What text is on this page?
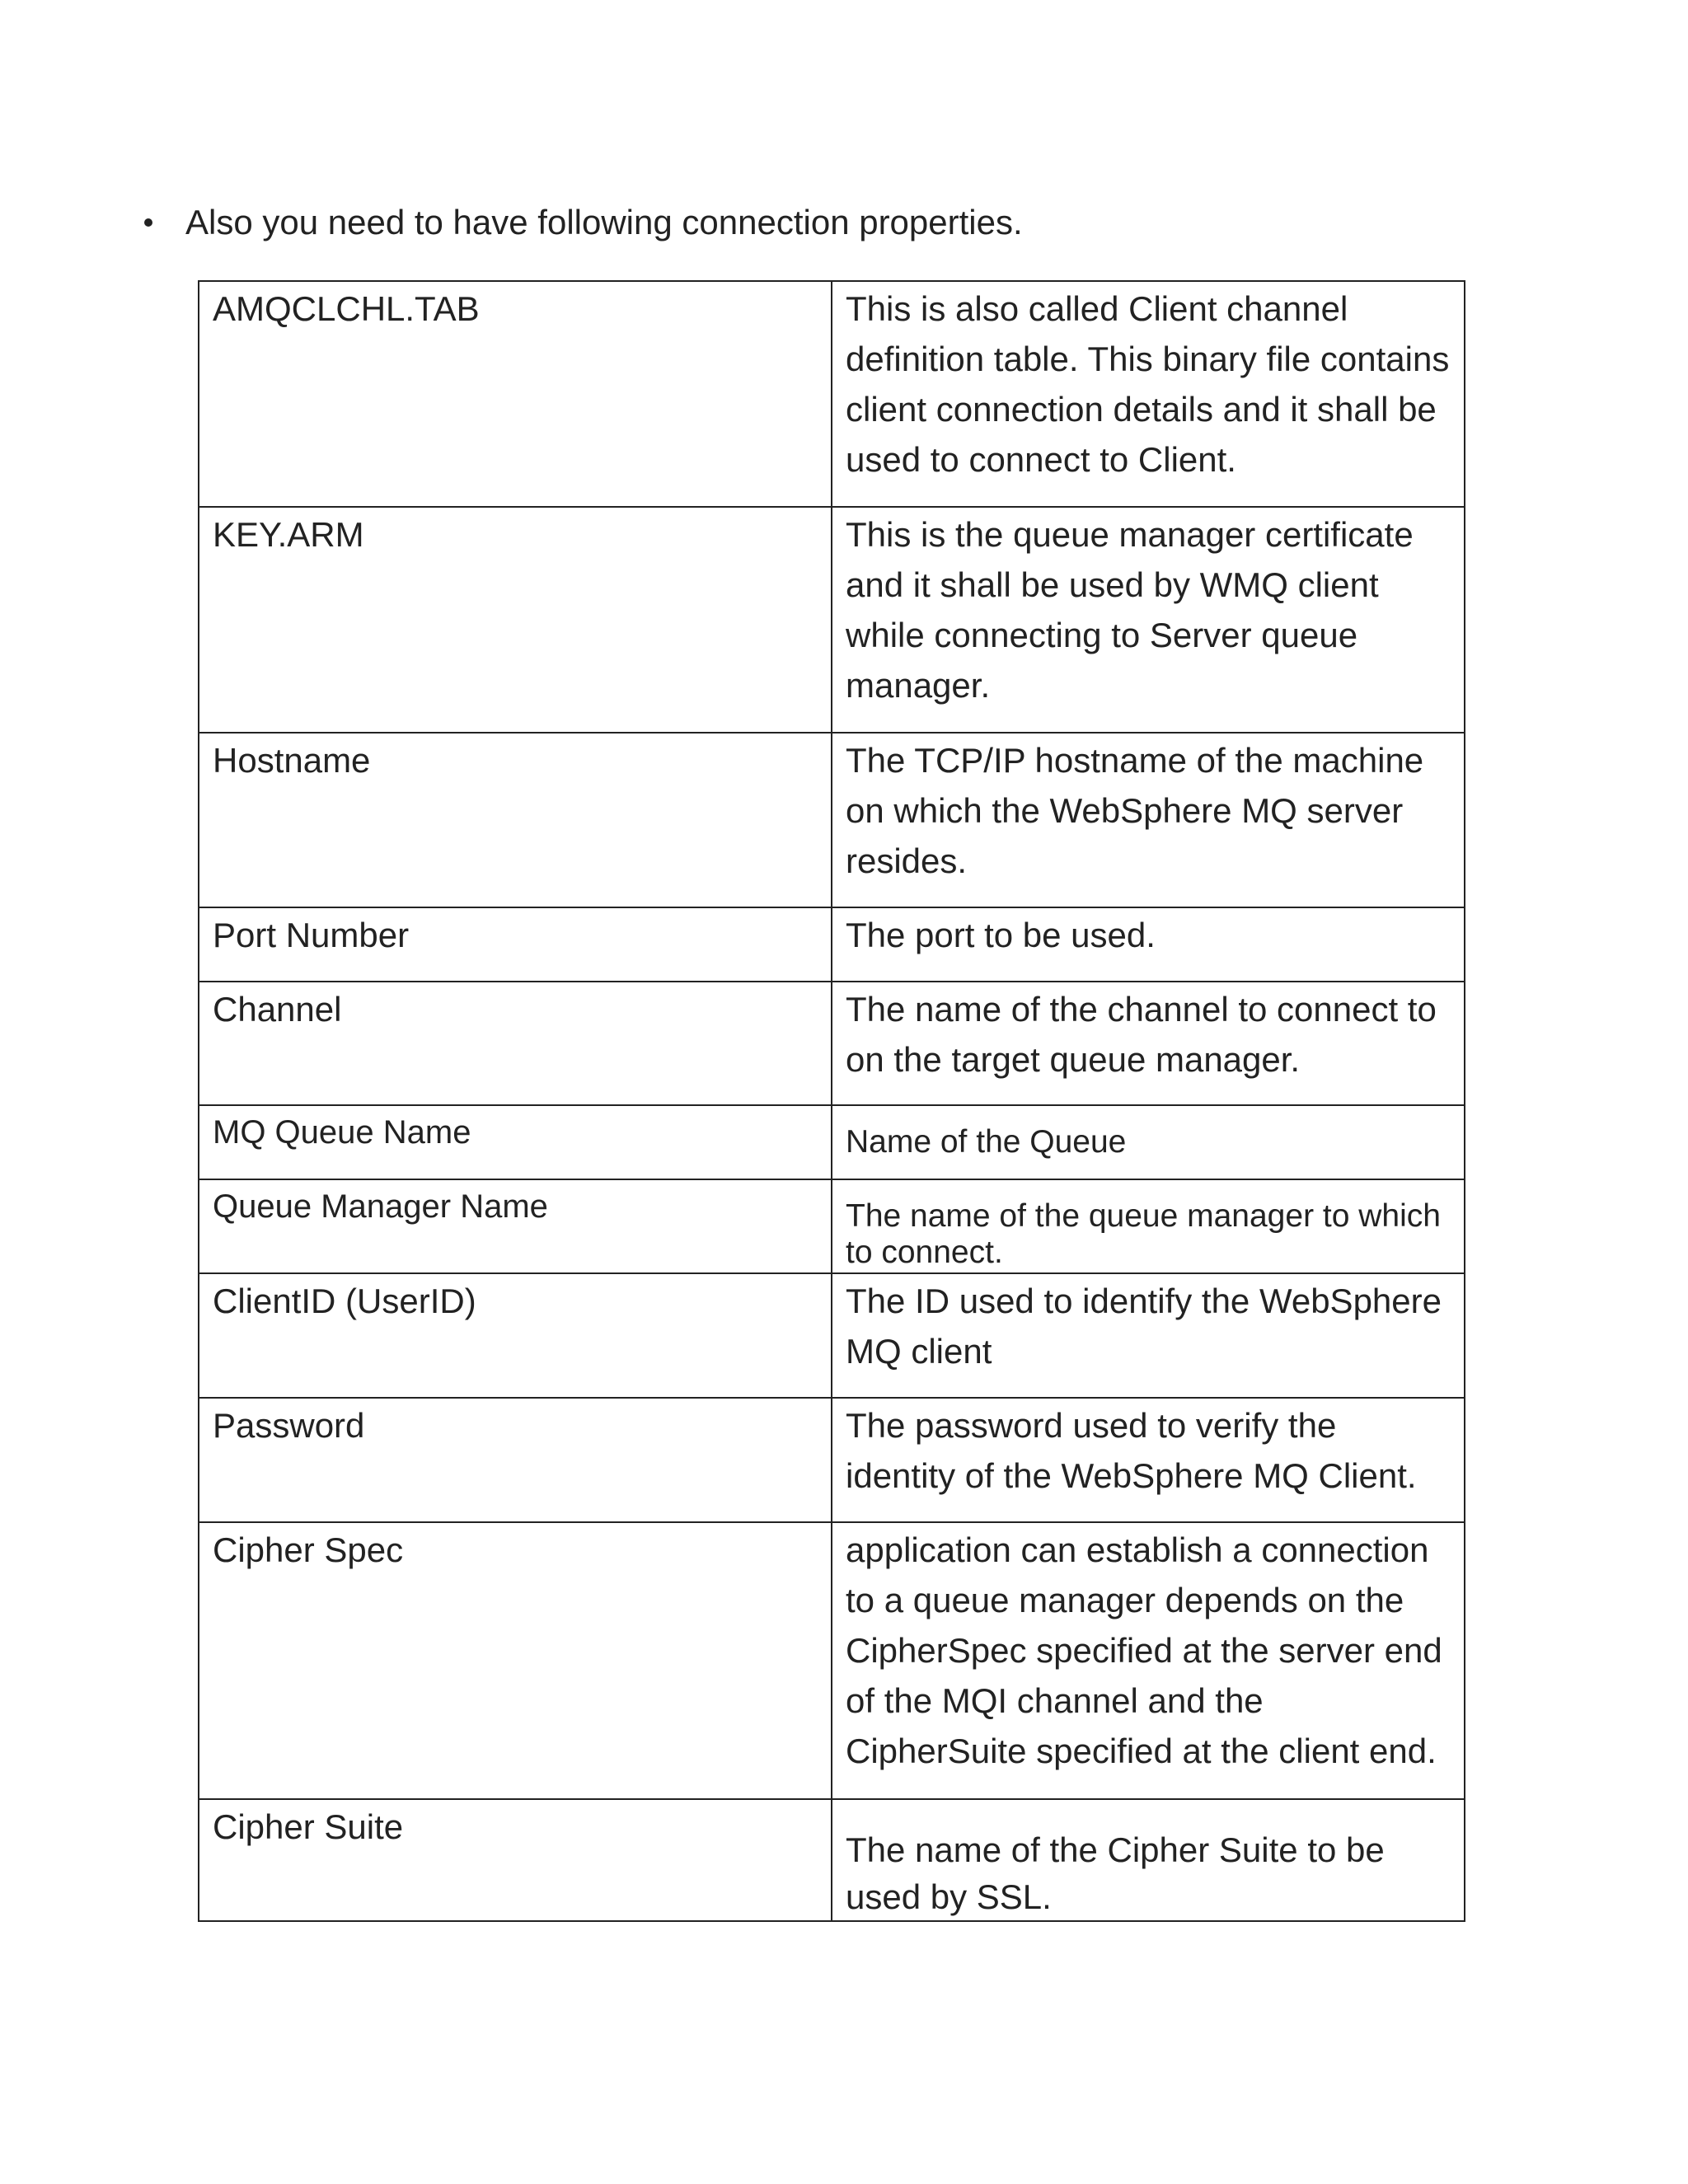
Also you need to have following connection properties.
AMQCLCHL.TAB	This is also called Client channel definition table. This binary file contains client connection details and it shall be used to connect to Client.
KEY.ARM	This is the queue manager certificate and it shall be used by WMQ client while connecting to Server queue manager.
Hostname	The TCP/IP hostname of the machine on which the WebSphere MQ server resides.
Port Number	The port to be used.
Channel	The name of the channel to connect to on the target queue manager.
MQ Queue Name	Name of the Queue
Queue Manager Name	The name of the queue manager to which to connect.
ClientID (UserID)	The ID used to identify the WebSphere MQ client
Password	The password used to verify the identity of the WebSphere MQ Client.
Cipher Spec	application can establish a connection to a queue manager depends on the CipherSpec specified at the server end of the MQI channel and the CipherSuite specified at the client end.
Cipher Suite	The name of the Cipher Suite to be used by SSL.
